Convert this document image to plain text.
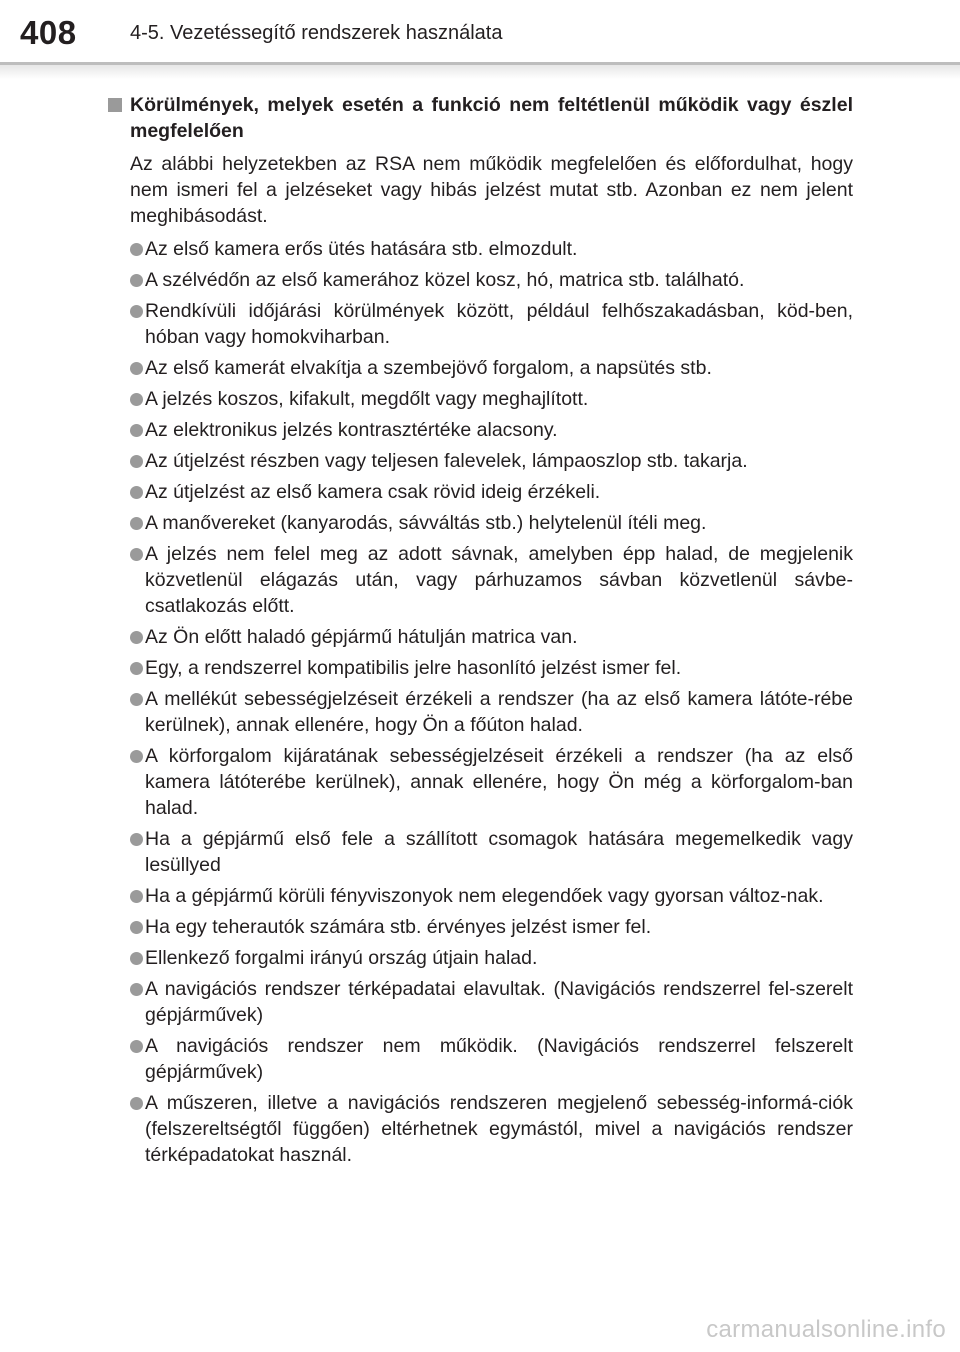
408	4-5. Vezetéssegítő rendszerek használata
Körülmények, melyek esetén a funkció nem feltétlenül működik vagy észlel megfelelően

Az alábbi helyzetekben az RSA nem működik megfelelően és előfordulhat, hogy nem ismeri fel a jelzéseket vagy hibás jelzést mutat stb. Azonban ez nem jelent meghibásodást.

Az első kamera erős ütés hatására stb. elmozdult.
A szélvédőn az első kamerához közel kosz, hó, matrica stb. található.
Rendkívüli időjárási körülmények között, például felhőszakadásban, köd-ben, hóban vagy homokviharban.
Az első kamerát elvakítja a szembejövő forgalom, a napsütés stb.
A jelzés koszos, kifakult, megdőlt vagy meghajlított.
Az elektronikus jelzés kontrasztértéke alacsony.
Az útjelzést részben vagy teljesen falevelek, lámpaoszlop stb. takarja.
Az útjelzést az első kamera csak rövid ideig érzékeli.
A manővereket (kanyarodás, sávváltás stb.) helytelenül ítéli meg.
A jelzés nem felel meg az adott sávnak, amelyben épp halad, de megjelenik közvetlenül elágazás után, vagy párhuzamos sávban közvetlenül sávbe-csatlakozás előtt.
Az Ön előtt haladó gépjármű hátulján matrica van.
Egy, a rendszerrel kompatibilis jelre hasonlító jelzést ismer fel.
A mellékút sebességjelzéseit érzékeli a rendszer (ha az első kamera látóte-rébe kerülnek), annak ellenére, hogy Ön a főúton halad.
A körforgalom kijáratának sebességjelzéseit érzékeli a rendszer (ha az első kamera látóterébe kerülnek), annak ellenére, hogy Ön még a körforgalom-ban halad.
Ha a gépjármű első fele a szállított csomagok hatására megemelkedik vagy lesüllyed
Ha a gépjármű körüli fényviszonyok nem elegendőek vagy gyorsan változ-nak.
Ha egy teherautók számára stb. érvényes jelzést ismer fel.
Ellenkező forgalmi irányú ország útjain halad.
A navigációs rendszer térképadatai elavultak. (Navigációs rendszerrel fel-szerelt gépjárművek)
A navigációs rendszer nem működik. (Navigációs rendszerrel felszerelt gépjárművek)
A műszeren, illetve a navigációs rendszeren megjelenő sebesség-informá-ciók (felszereltségtől függően) eltérhetnek egymástól, mivel a navigációs rendszer térképadatokat használ.
carmanualsonline.info
